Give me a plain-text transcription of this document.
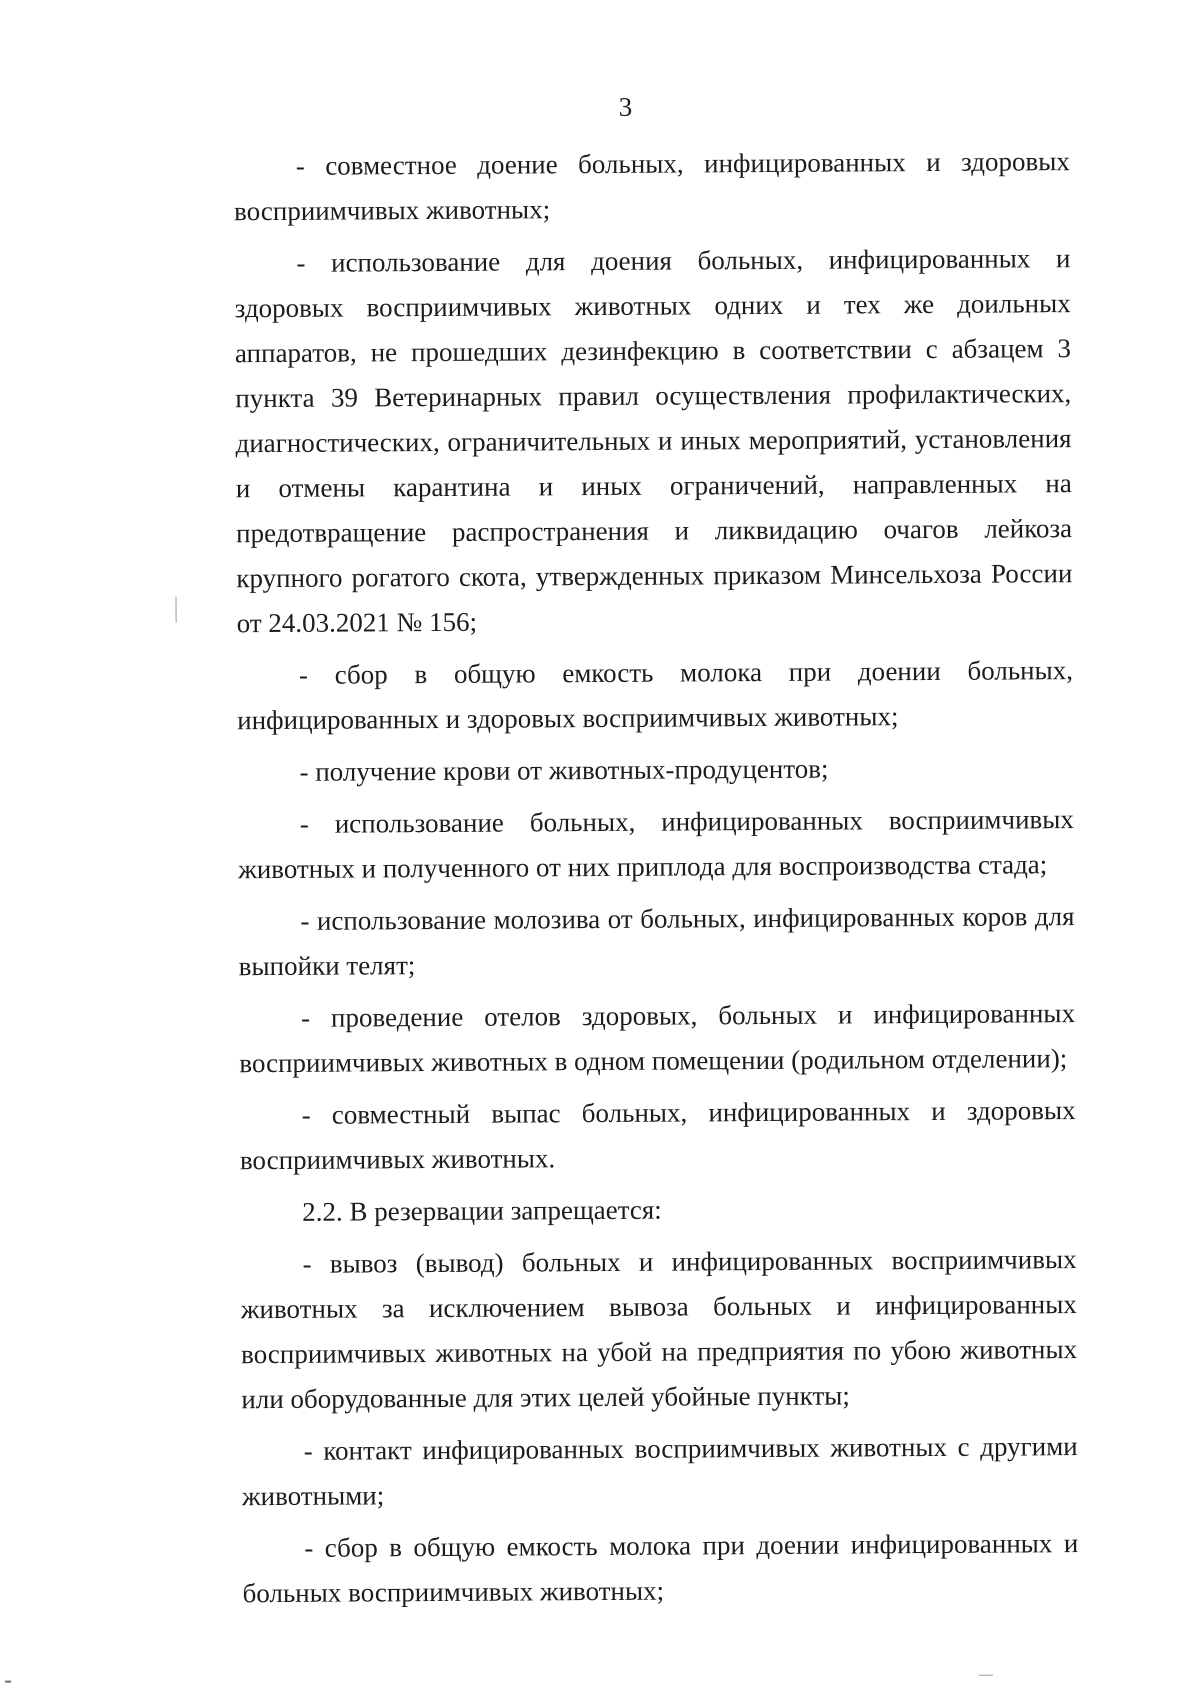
3

- совместное доение больных, инфицированных и здоровых восприимчивых животных;

- использование для доения больных, инфицированных и здоровых восприимчивых животных одних и тех же доильных аппаратов, не прошедших дезинфекцию в соответствии с абзацем 3 пункта 39 Ветеринарных правил осуществления профилактических, диагностических, ограничительных и иных мероприятий, установления и отмены карантина и иных ограничений, направленных на предотвращение распространения и ликвидацию очагов лейкоза крупного рогатого скота, утвержденных приказом Минсельхоза России от 24.03.2021 № 156;

- сбор в общую емкость молока при доении больных, инфицированных и здоровых восприимчивых животных;

- получение крови от животных-продуцентов;

- использование больных, инфицированных восприимчивых животных и полученного от них приплода для воспроизводства стада;

- использование молозива от больных, инфицированных коров для выпойки телят;

- проведение отелов здоровых, больных и инфицированных восприимчивых животных в одном помещении (родильном отделении);

- совместный выпас больных, инфицированных и здоровых восприимчивых животных.

2.2. В резервации запрещается:

- вывоз (вывод) больных и инфицированных восприимчивых животных за исключением вывоза больных и инфицированных восприимчивых животных на убой на предприятия по убою животных или оборудованные для этих целей убойные пункты;

- контакт инфицированных восприимчивых животных с другими животными;

- сбор в общую емкость молока при доении инфицированных и больных восприимчивых животных;
